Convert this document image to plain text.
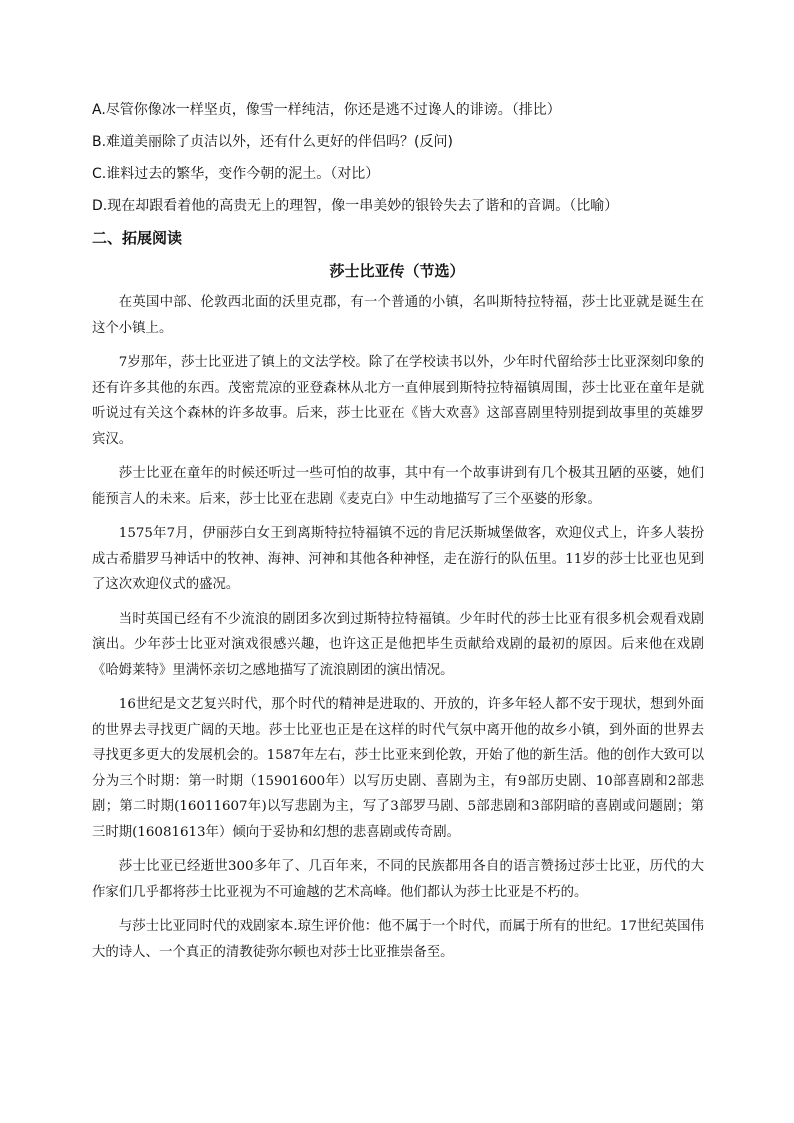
A.尽管你像冰一样坚贞，像雪一样纯洁，你还是逃不过谗人的诽谤。（排比）
B.难道美丽除了贞洁以外，还有什么更好的伴侣吗？(反问)
C.谁料过去的繁华，变作今朝的泥土。（对比）
D.现在却跟看着他的高贵无上的理智，像一串美妙的银铃失去了谐和的音调。（比喻）
二、拓展阅读
莎士比亚传（节选）

在英国中部、伦敦西北面的沃里克郡，有一个普通的小镇，名叫斯特拉特福，莎士比亚就是诞生在这个小镇上。

7岁那年，莎士比亚进了镇上的文法学校。除了在学校读书以外，少年时代留给莎士比亚深刻印象的还有许多其他的东西。茂密荒凉的亚登森林从北方一直伸展到斯特拉特福镇周围，莎士比亚在童年是就听说过有关这个森林的许多故事。后来，莎士比亚在《皆大欢喜》这部喜剧里特别提到故事里的英雄罗宾汉。

莎士比亚在童年的时候还听过一些可怕的故事，其中有一个故事讲到有几个极其丑陋的巫婆，她们能预言人的未来。后来，莎士比亚在悲剧《麦克白》中生动地描写了三个巫婆的形象。

1575年7月，伊丽莎白女王到离斯特拉特福镇不远的肯尼沃斯城堡做客，欢迎仪式上，许多人装扮成古希腊罗马神话中的牧神、海神、河神和其他各种神怪，走在游行的队伍里。11岁的莎士比亚也见到了这次欢迎仪式的盛况。

当时英国已经有不少流浪的剧团多次到过斯特拉特福镇。少年时代的莎士比亚有很多机会观看戏剧演出。少年莎士比亚对演戏很感兴趣，也许这正是他把毕生贡献给戏剧的最初的原因。后来他在戏剧《哈姆莱特》里满怀亲切之感地描写了流浪剧团的演出情况。

16世纪是文艺复兴时代，那个时代的精神是进取的、开放的，许多年轻人都不安于现状，想到外面的世界去寻找更广阔的天地。莎士比亚也正是在这样的时代气氛中离开他的故乡小镇，到外面的世界去寻找更多更大的发展机会的。1587年左右，莎士比亚来到伦敦，开始了他的新生活。他的创作大致可以分为三个时期：第一时期（15901600年）以写历史剧、喜剧为主，有9部历史剧、10部喜剧和2部悲剧；第二时期(16011607年)以写悲剧为主，写了3部罗马剧、5部悲剧和3部阴暗的喜剧或问题剧；第三时期(16081613年）倾向于妥协和幻想的悲喜剧或传奇剧。

莎士比亚已经逝世300多年了、几百年来，不同的民族都用各自的语言赞扬过莎士比亚，历代的大作家们几乎都将莎士比亚视为不可逾越的艺术高峰。他们都认为莎士比亚是不朽的。

与莎士比亚同时代的戏剧家本.琼生评价他：他不属于一个时代，而属于所有的世纪。17世纪英国伟大的诗人、一个真正的清教徒弥尔顿也对莎士比亚推崇备至。
